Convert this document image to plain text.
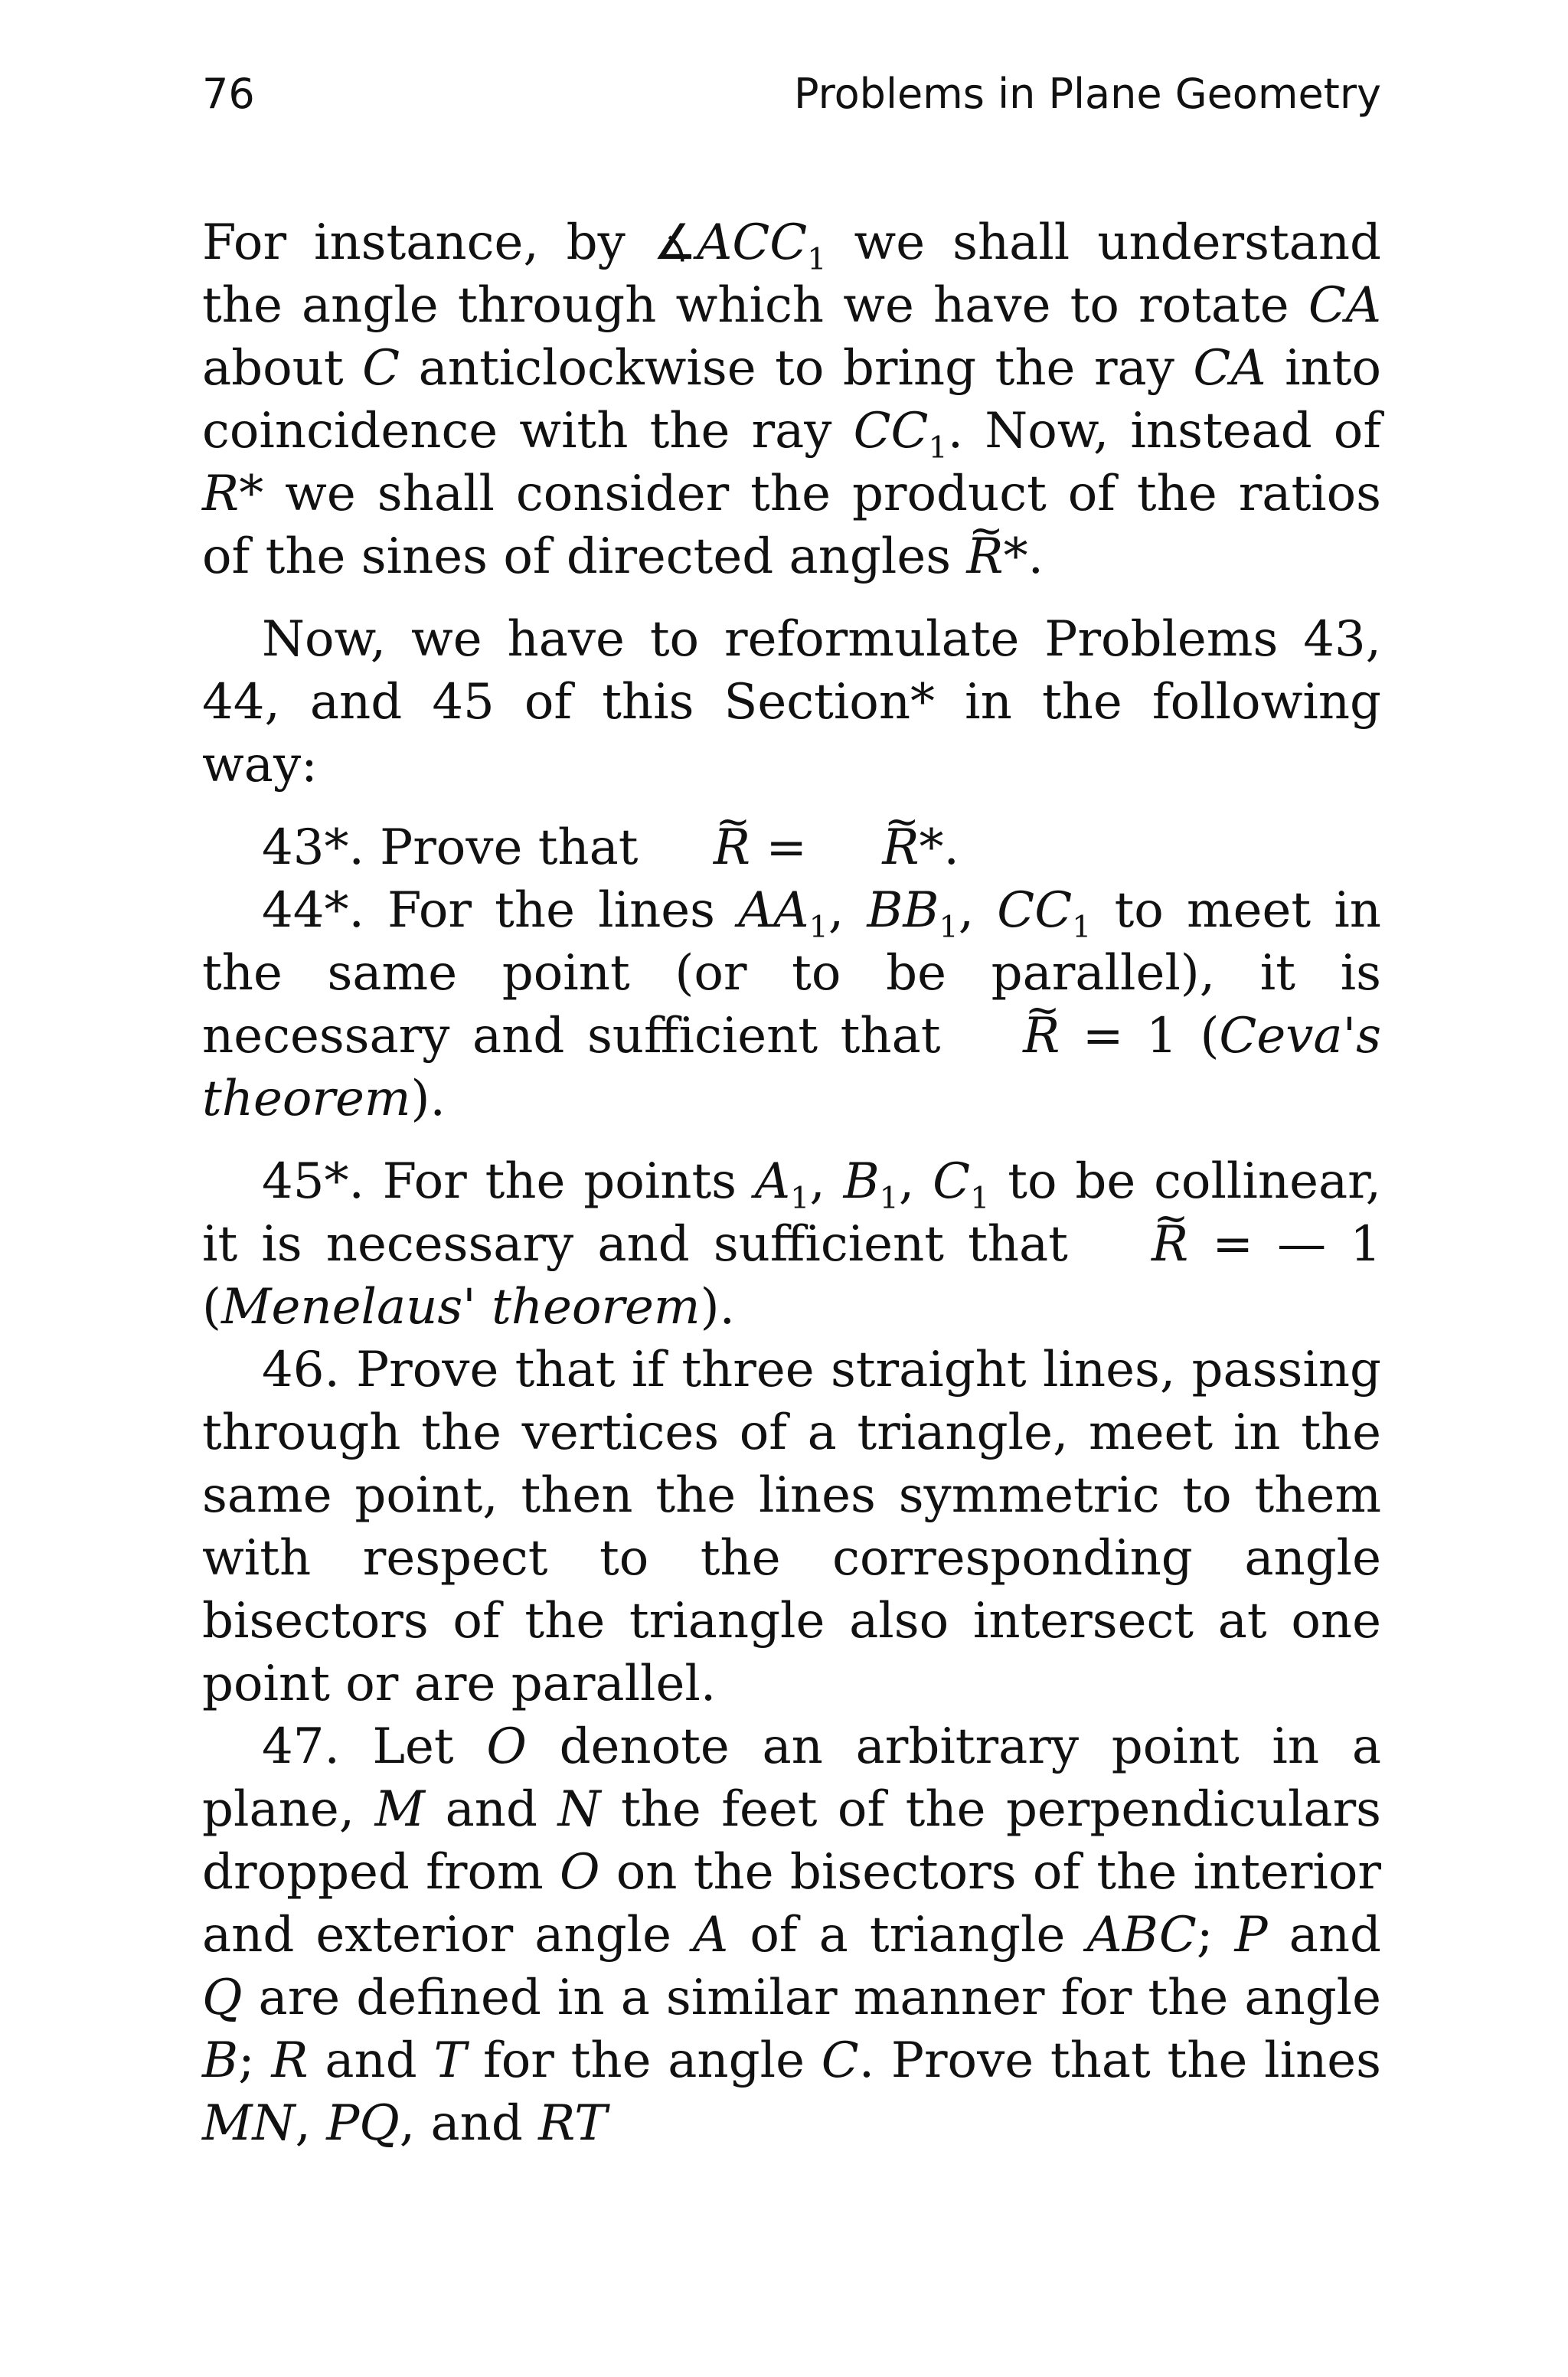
76	Problems in Plane Geometry

For instance, by $∡ACC_1$ we shall understand the angle through which we have to rotate CA about C anticlockwise to bring the ray CA into coincidence with the ray $CC_1$. Now, instead of R* we shall consider the product of the ratios of the sines of directed angles ~ R*.

Now, we have to reformulate Problems 43, 44, and 45 of this Section* in the following way:

43*. Prove that ~ R = ~ R*.

44*. For the lines $AA_1$, $BB_1$, $CC_1$ to meet in the same point (or to be parallel), it is necessary and sufficient that ~ R = 1 (Ceva's theorem).

45*. For the points $A_1$, $B_1$, $C_1$ to be collinear, it is necessary and sufficient that ~ R = — 1 (Menelaus' theorem).

46. Prove that if three straight lines, passing through the vertices of a triangle, meet in the same point, then the lines symmetric to them with respect to the corresponding angle bisectors of the triangle also intersect at one point or are parallel.

47. Let O denote an arbitrary point in a plane, M and N the feet of the perpendiculars dropped from O on the bisectors of the interior and exterior angle A of a triangle ABC; P and Q are defined in a similar manner for the angle B; R and T for the angle C. Prove that the lines MN, PQ, and RT
